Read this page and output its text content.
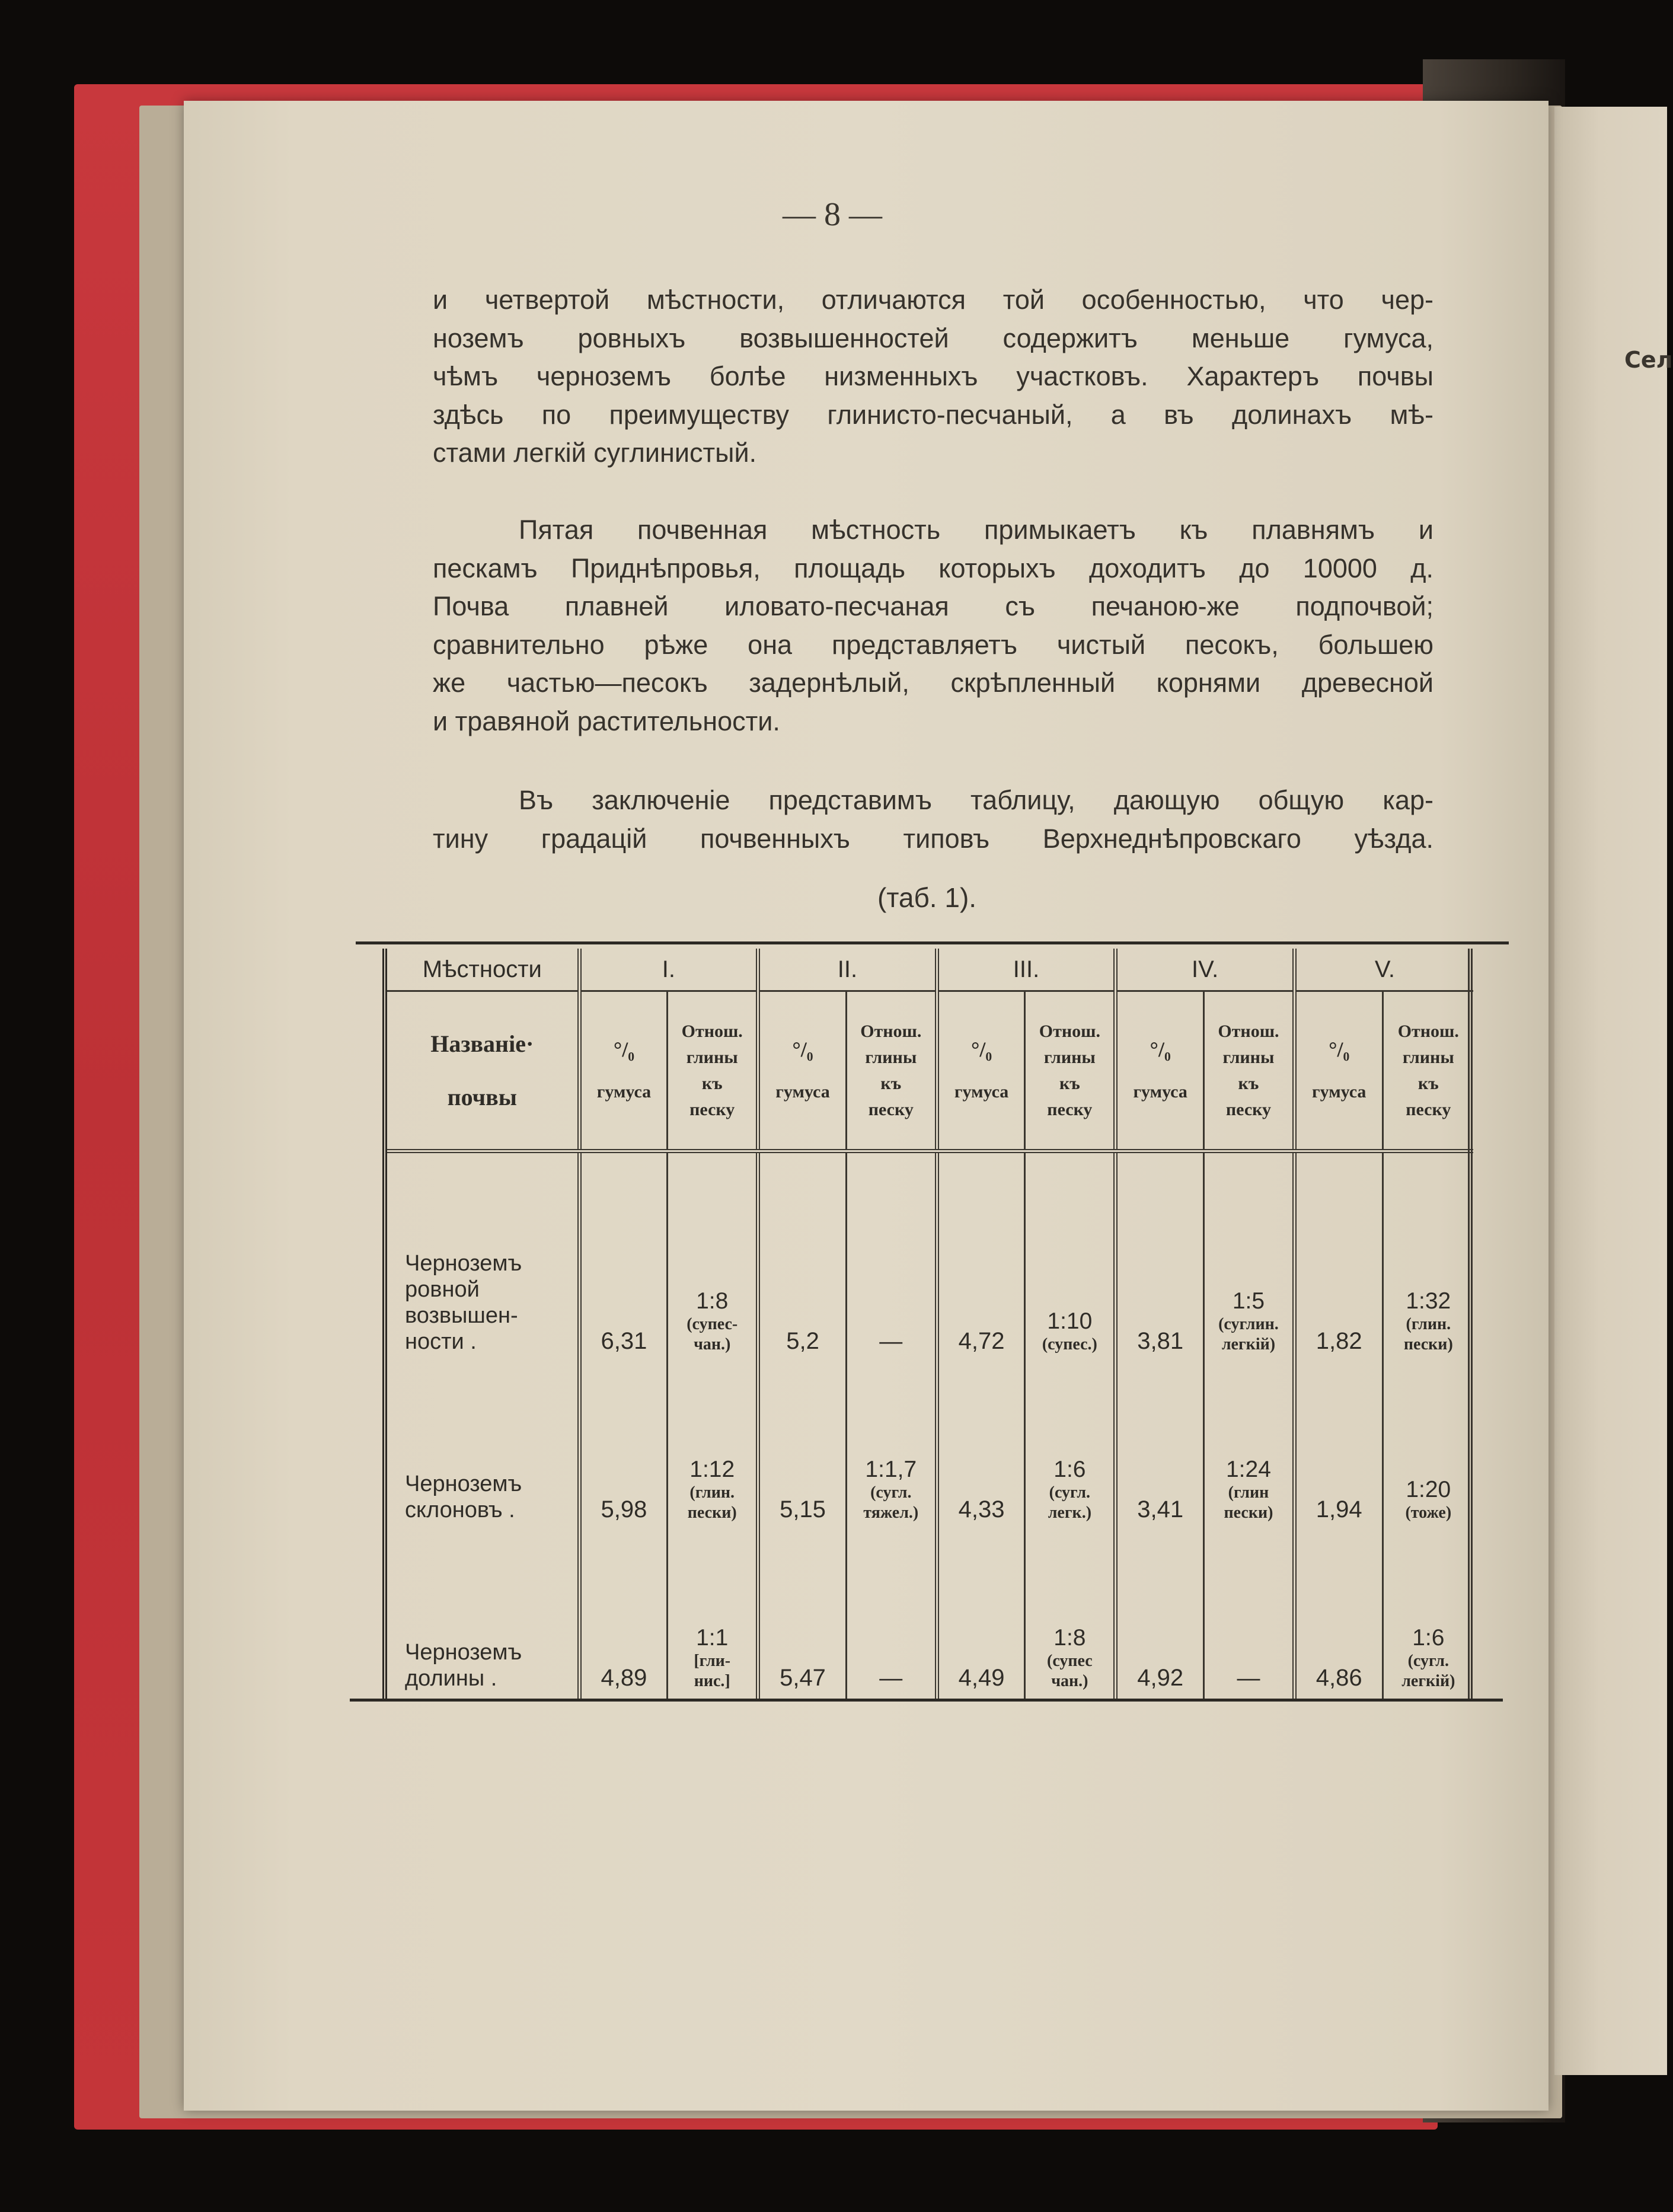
Сел
— 8 —
и четвертой мѣстности, отличаются той особенностью, что чер-
ноземъ ровныхъ возвышенностей содержитъ меньше гумуса,
чѣмъ черноземъ болѣе низменныхъ участковъ. Характеръ почвы
здѣсь по преимуществу глинисто-песчаный, а въ долинахъ мѣ-
стами легкій суглинистый.
Пятая почвенная мѣстность примыкаетъ къ плавнямъ и
пескамъ Приднѣпровья, площадь которыхъ доходитъ до 10000 д.
Почва плавней иловато-песчаная съ печаною-же подпочвой;
сравнительно рѣже она представляетъ чистый песокъ, большею
же частью—песокъ задернѣлый, скрѣпленный корнями древесной
и травяной растительности.
Въ заключеніе представимъ таблицу, дающую общую кар-
тину градацій почвенныхъ типовъ Верхнеднѣпровскаго уѣзда.
(таб. 1).
Мѣстности	I.		II.		III.		IV.		V.	
Названіе·
почвы	°/₀
гумуса	Отнош.
глины
къ
песку	°/₀
гумуса	Отнош.
глины
къ
песку	°/₀
гумуса	Отнош.
глины
къ
песку	°/₀
гумуса	Отнош.
глины
къ
песку	°/₀
гумуса	Отнош.
глины
къ
песку
Черноземъ
ровной
возвышен-
ности .	6,31	1:8
(супес-
чан.)	5,2	—	4,72	1:10
(супес.)	3,81	1:5
(суглин.
легкій)	1,82	1:32
(глин.
пески)

Черноземъ
склоновъ .	5,98	1:12
(глин.
пески)	5,15	1:1,7
(сугл.
тяжел.)	4,33	1:6
(сугл.
легк.)	3,41	1:24
(глин
пески)	1,94	1:20
(тоже)

Черноземъ
долины .	4,89	1:1
[гли-
нис.]	5,47	—	4,49	1:8
(супес
чан.)	4,92	—	4,86	1:6
(сугл.
легкій)
